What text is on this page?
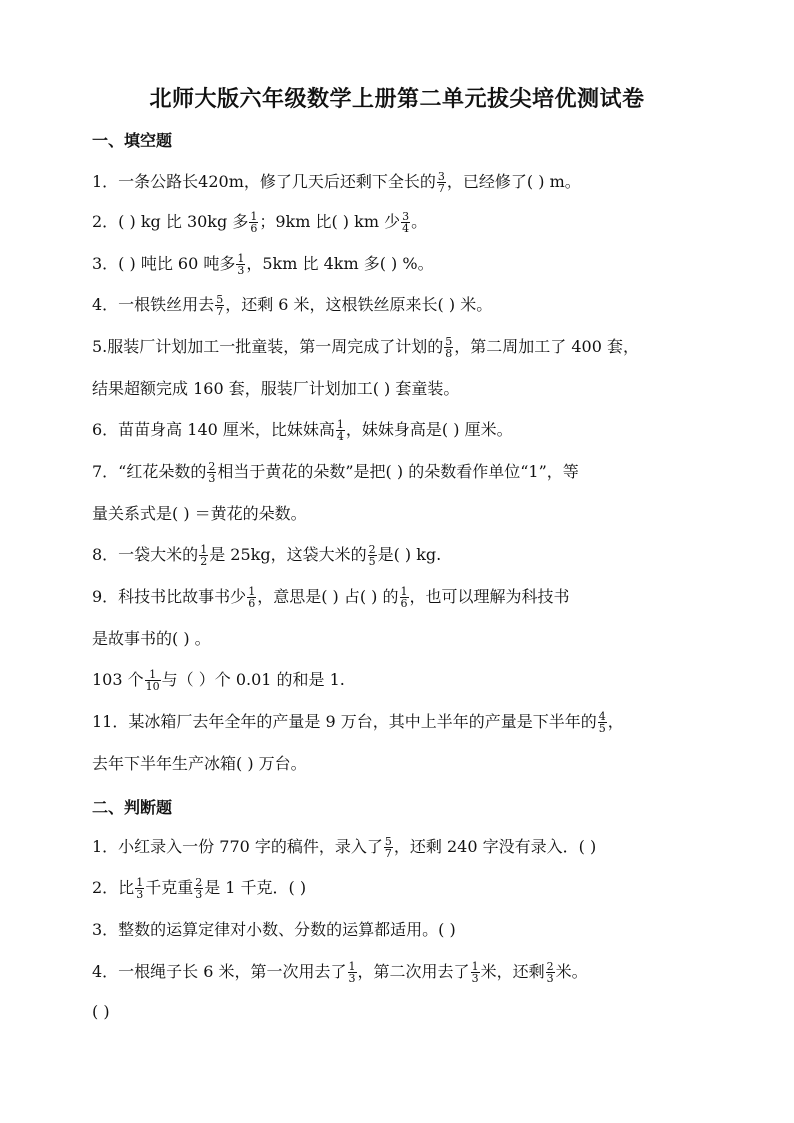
北师大版六年级数学上册第二单元拔尖培优测试卷
一、填空题
1．一条公路长420m，修了几天后还剩下全长的 $\frac{3}{7}$ ，已经修了( ) m。
2．( ) kg 比 30kg 多 $\frac{1}{6}$ ；9km 比( ) km 少 $\frac{3}{4}$ 。
3．( ) 吨比 60 吨多 $\frac{1}{3}$ ，5km 比 4km 多( ) %。
4．一根铁丝用去 $\frac{5}{7}$ ，还剩 6 米，这根铁丝原来长( ) 米。
5.服装厂计划加工一批童装，第一周完成了计划的 $\frac{5}{8}$ ，第二周加工了 400 套，
结果超额完成 160 套，服装厂计划加工( ) 套童装。
6．苗苗身高 140 厘米，比妹妹高 $\frac{1}{4}$ ，妹妹身高是( ) 厘米。
7．“红花朵数的 $\frac{2}{3}$ 相当于黄花的朵数”是把( ) 的朵数看作单位“1”，等
量关系式是( ) ＝黄花的朵数。
8．一袋大米的 $\frac{1}{2}$ 是 25kg，这袋大米的 $\frac{2}{5}$ 是( ) kg.
9．科技书比故事书少 $\frac{1}{6}$ ，意思是( ) 占( ) 的 $\frac{1}{6}$ ，也可以理解为科技书
是故事书的( ) 。
103 个 $\frac{1}{10}$ 与（ ）个 0.01 的和是 1.
11．某冰箱厂去年全年的产量是 9 万台，其中上半年的产量是下半年的 $\frac{4}{5}$ ，
去年下半年生产冰箱( ) 万台。
二、判断题
1．小红录入一份 770 字的稿件，录入了 $\frac{5}{7}$ ，还剩 240 字没有录入．( )
2．比 $\frac{1}{3}$ 千克重 $\frac{2}{3}$ 是 1 千克．( )
3．整数的运算定律对小数、分数的运算都适用。( )
4．一根绳子长 6 米，第一次用去了 $\frac{1}{3}$ ，第二次用去了 $\frac{1}{3}$ 米，还剩 $\frac{2}{3}$ 米。
( )
